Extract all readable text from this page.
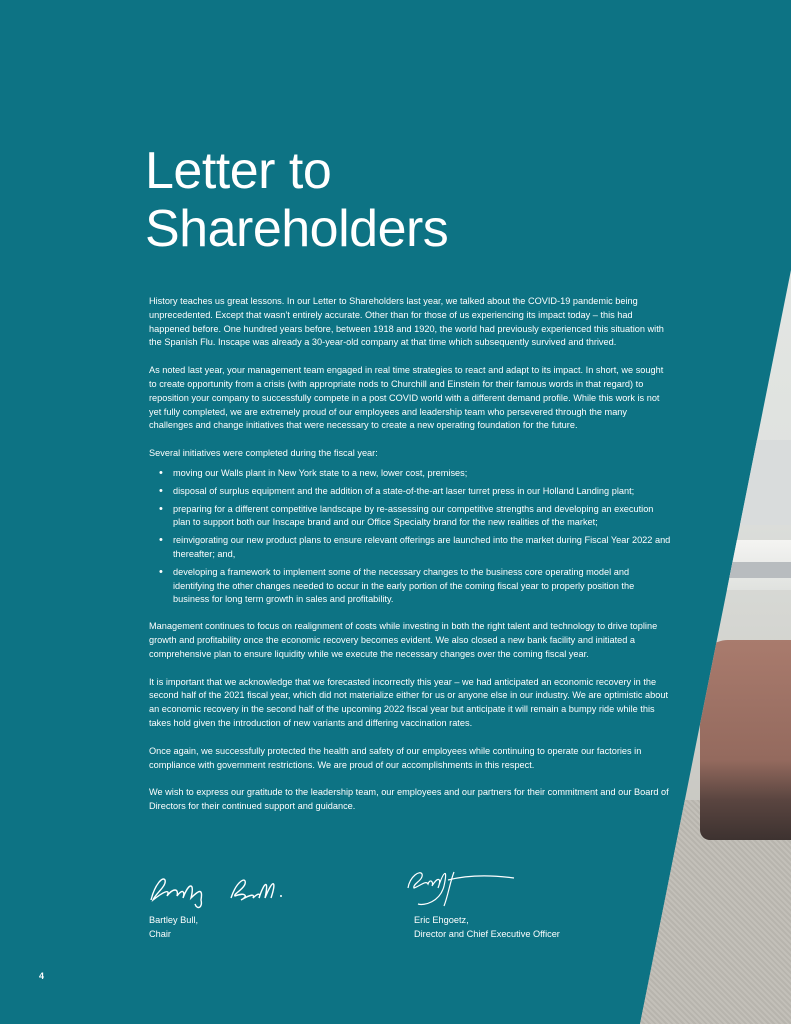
Letter to
Shareholders

History teaches us great lessons. In our Letter to Shareholders last year, we talked about the COVID-19 pandemic being unprecedented. Except that wasn’t entirely accurate. Other than for those of us experiencing its impact today – this had happened before. One hundred years before, between 1918 and 1920, the world had previously experienced this situation with the Spanish Flu. Inscape was already a 30-year-old company at that time which subsequently survived and thrived.

As noted last year, your management team engaged in real time strategies to react and adapt to its impact. In short, we sought to create opportunity from a crisis (with appropriate nods to Churchill and Einstein for their famous words in that regard) to reposition your company to successfully compete in a post COVID world with a different demand profile. While this work is not yet fully completed, we are extremely proud of our employees and leadership team who persevered through the many challenges and change initiatives that were necessary to create a new operating foundation for the future.

Several initiatives were completed during the fiscal year:

• moving our Walls plant in New York state to a new, lower cost, premises;
• disposal of surplus equipment and the addition of a state-of-the-art laser turret press in our Holland Landing plant;
• preparing for a different competitive landscape by re-assessing our competitive strengths and developing an execution plan to support both our Inscape brand and our Office Specialty brand for the new realities of the market;
• reinvigorating our new product plans to ensure relevant offerings are launched into the market during Fiscal Year 2022 and thereafter; and,
• developing a framework to implement some of the necessary changes to the business core operating model and identifying the other changes needed to occur in the early portion of the coming fiscal year to properly position the business for long term growth in sales and profitability.

Management continues to focus on realignment of costs while investing in both the right talent and technology to drive topline growth and profitability once the economic recovery becomes evident. We also closed a new bank facility and initiated a comprehensive plan to ensure liquidity while we execute the necessary changes over the coming fiscal year.

It is important that we acknowledge that we forecasted incorrectly this year – we had anticipated an economic recovery in the second half of the 2021 fiscal year, which did not materialize either for us or anyone else in our industry. We are optimistic about an economic recovery in the second half of the upcoming 2022 fiscal year but anticipate it will remain a bumpy ride while this takes hold given the introduction of new variants and differing vaccination rates.

Once again, we successfully protected the health and safety of our employees while continuing to operate our factories in compliance with government restrictions. We are proud of our accomplishments in this respect.

We wish to express our gratitude to the leadership team, our employees and our partners for their commitment and our Board of Directors for their continued support and guidance.

Bartley Bull,
Chair
Eric Ehgoetz,
Director and Chief Executive Officer
4
